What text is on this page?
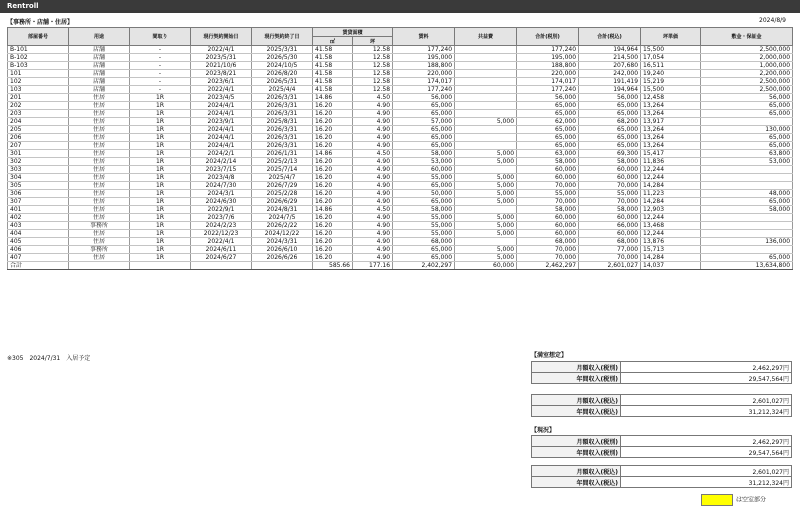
Rentroll
【事務所・店舗・住居】	2024/8/9
部屋番号	用途	間取り	現行契約開始日	現行契約終了日	賃貸面積		賃料	共益費	合計(税別)	合計(税込)	坪単価	敷金・保証金
					㎡	坪						
B-101	店舗	-	2022/4/1	2025/3/31	41.58	12.58	177,240		177,240	194,964	15,500	2,500,000
B-102	店舗	-	2023/5/31	2026/5/30	41.58	12.58	195,000		195,000	214,500	17,054	2,000,000
B-103	店舗	-	2021/10/6	2024/10/5	41.58	12.58	188,800		188,800	207,680	16,511	1,000,000
101	店舗	-	2023/8/21	2026/8/20	41.58	12.58	220,000		220,000	242,000	19,240	2,200,000
102	店舗	-	2023/6/1	2026/5/31	41.58	12.58	174,017		174,017	191,419	15,219	2,500,000
103	店舗	-	2022/4/1	2025/4/4	41.58	12.58	177,240		177,240	194,964	15,500	2,500,000
201	住居	1R	2023/4/5	2026/3/31	14.86	4.50	56,000		56,000	56,000	12,458	56,000
202	住居	1R	2024/4/1	2026/3/31	16.20	4.90	65,000		65,000	65,000	13,264	65,000
203	住居	1R	2024/4/1	2026/3/31	16.20	4.90	65,000		65,000	65,000	13,264	65,000
204	住居	1R	2023/9/1	2025/8/31	16.20	4.90	57,000	5,000	62,000	68,200	13,917	
205	住居	1R	2024/4/1	2026/3/31	16.20	4.90	65,000		65,000	65,000	13,264	130,000
206	住居	1R	2024/4/1	2026/3/31	16.20	4.90	65,000		65,000	65,000	13,264	65,000
207	住居	1R	2024/4/1	2026/3/31	16.20	4.90	65,000		65,000	65,000	13,264	65,000
301	住居	1R	2024/2/1	2026/1/31	14.86	4.50	58,000	5,000	63,000	69,300	15,417	63,800
302	住居	1R	2024/2/14	2025/2/13	16.20	4.90	53,000	5,000	58,000	58,000	11,836	53,000
303	住居	1R	2023/7/15	2025/7/14	16.20	4.90	60,000		60,000	60,000	12,244	
304	住居	1R	2023/4/8	2025/4/7	16.20	4.90	55,000	5,000	60,000	60,000	12,244	
305	住居	1R	2024/7/30	2026/7/29	16.20	4.90	65,000	5,000	70,000	70,000	14,284	
306	住居	1R	2024/3/1	2025/2/28	16.20	4.90	50,000	5,000	55,000	55,000	11,223	48,000
307	住居	1R	2024/6/30	2026/6/29	16.20	4.90	65,000	5,000	70,000	70,000	14,284	65,000
401	住居	1R	2022/9/1	2024/8/31	14.86	4.50	58,000		58,000	58,000	12,903	58,000
402	住居	1R	2023/7/6	2024/7/5	16.20	4.90	55,000	5,000	60,000	60,000	12,244	
403	事務所	1R	2024/2/23	2026/2/22	16.20	4.90	55,000	5,000	60,000	66,000	13,468	
404	住居	1R	2022/12/23	2024/12/22	16.20	4.90	55,000	5,000	60,000	60,000	12,244	
405	住居	1R	2022/4/1	2024/3/31	16.20	4.90	68,000		68,000	68,000	13,876	136,000
406	事務所	1R	2024/6/11	2026/6/10	16.20	4.90	65,000	5,000	70,000	77,000	15,713	
407	住居	1R	2024/6/27	2026/6/26	16.20	4.90	65,000	5,000	70,000	70,000	14,284	65,000
合計					585.66	177.16	2,402,297	60,000	2,462,297	2,601,027	14,037	13,634,800
※305　2024/7/31　入居予定	【満室想定】
月額収入(税別)	2,462,297円
年間収入(税別)	29,547,564円
月額収入(税込)	2,601,027円
年間収入(税込)	31,212,324円
【現況】
月額収入(税別)	2,462,297円
年間収入(税別)	29,547,564円
月額収入(税込)	2,601,027円
年間収入(税込)	31,212,324円
は空室部分
